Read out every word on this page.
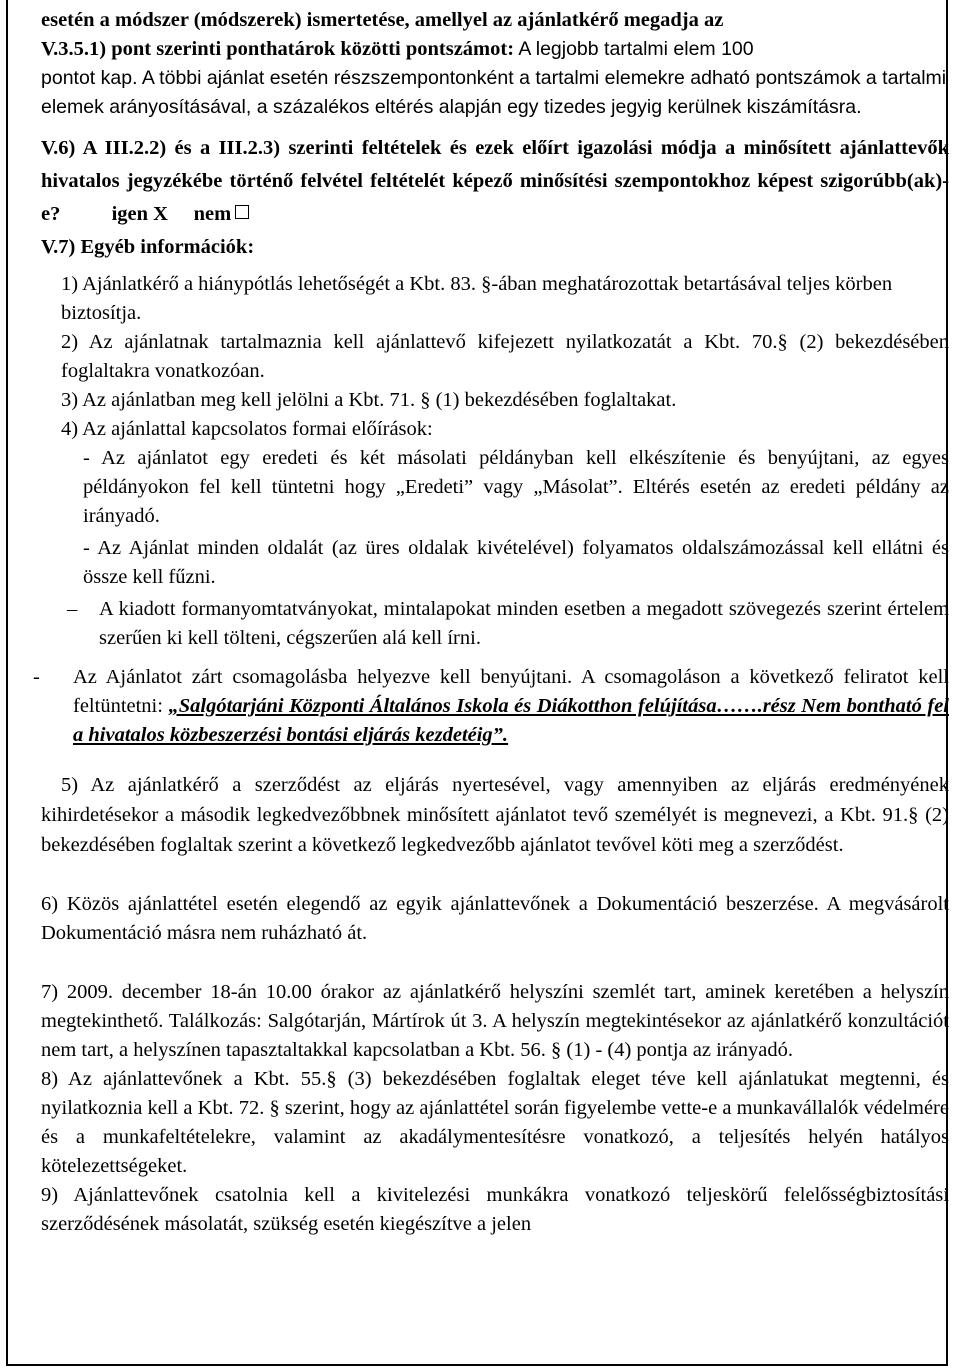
esetén a módszer (módszerek) ismertetése, amellyel az ajánlatkérő megadja az

V.3.5.1) pont szerinti ponthatárok közötti pontszámot: A legjobb tartalmi elem 100

pontot kap. A többi ajánlat esetén részszempontonként a tartalmi elemekre adható pontszámok a tartalmi elemek arányosításával, a százalékos eltérés alapján egy tizedes jegyig kerülnek kiszámításra.

V.6) A III.2.2) és a III.2.3) szerinti feltételek és ezek előírt igazolási módja a minősített ajánlattevők hivatalos jegyzékébe történő felvétel feltételét képező minősítési szempontokhoz képest szigorúbb(ak)-e?	igen X nem

V.7) Egyéb információk:

1) Ajánlatkérő a hiánypótlás lehetőségét a Kbt. 83. §-ában meghatározottak betartásával teljes körben biztosítja.

2) Az ajánlatnak tartalmaznia kell ajánlattevő kifejezett nyilatkozatát a Kbt. 70.§ (2) bekezdésében foglaltakra vonatkozóan.

3) Az ajánlatban meg kell jelölni a Kbt. 71. § (1) bekezdésében foglaltakat.

4) Az ajánlattal kapcsolatos formai előírások:

- Az ajánlatot egy eredeti és két másolati példányban kell elkészítenie és benyújtani, az egyes példányokon fel kell tüntetni hogy „Eredeti” vagy „Másolat”. Eltérés esetén az eredeti példány az irányadó.

- Az Ajánlat minden oldalát (az üres oldalak kivételével) folyamatos oldalszámozással kell ellátni és össze kell fűzni.

– A kiadott formanyomtatványokat, mintalapokat minden esetben a megadott szövegezés szerint értelem szerűen ki kell tölteni, cégszerűen alá kell írni.

- Az Ajánlatot zárt csomagolásba helyezve kell benyújtani. A csomagoláson a következő feliratot kell feltüntetni: „Salgótarjáni Központi Általános Iskola és Diákotthon felújítása…….rész Nem bontható fel a hivatalos közbeszerzési bontási eljárás kezdetéig”.

5) Az ajánlatkérő a szerződést az eljárás nyertesével, vagy amennyiben az eljárás eredményének kihirdetésekor a második legkedvezőbbnek minősített ajánlatot tevő személyét is megnevezi, a Kbt. 91.§ (2) bekezdésében foglaltak szerint a következő legkedvezőbb ajánlatot tevővel köti meg a szerződést.

6) Közös ajánlattétel esetén elegendő az egyik ajánlattevőnek a Dokumentáció beszerzése. A megvásárolt Dokumentáció másra nem ruházható át.

7) 2009. december 18-án 10.00 órakor az ajánlatkérő helyszíni szemlét tart, aminek keretében a helyszín megtekinthető. Találkozás: Salgótarján, Mártírok út 3. A helyszín megtekintésekor az ajánlatkérő konzultációt nem tart, a helyszínen tapasztaltakkal kapcsolatban a Kbt. 56. § (1) - (4) pontja az irányadó.

8) Az ajánlattevőnek a Kbt. 55.§ (3) bekezdésében foglaltak eleget téve kell ajánlatukat megtenni, és nyilatkoznia kell a Kbt. 72. § szerint, hogy az ajánlattétel során figyelembe vette-e a munkavállalók védelmére és a munkafeltételekre, valamint az akadálymentesítésre vonatkozó, a teljesítés helyén hatályos kötelezettségeket.

9) Ajánlattevőnek csatolnia kell a kivitelezési munkákra vonatkozó teljeskörű felelősségbiztosítási szerződésének másolatát, szükség esetén kiegészítve a jelen
